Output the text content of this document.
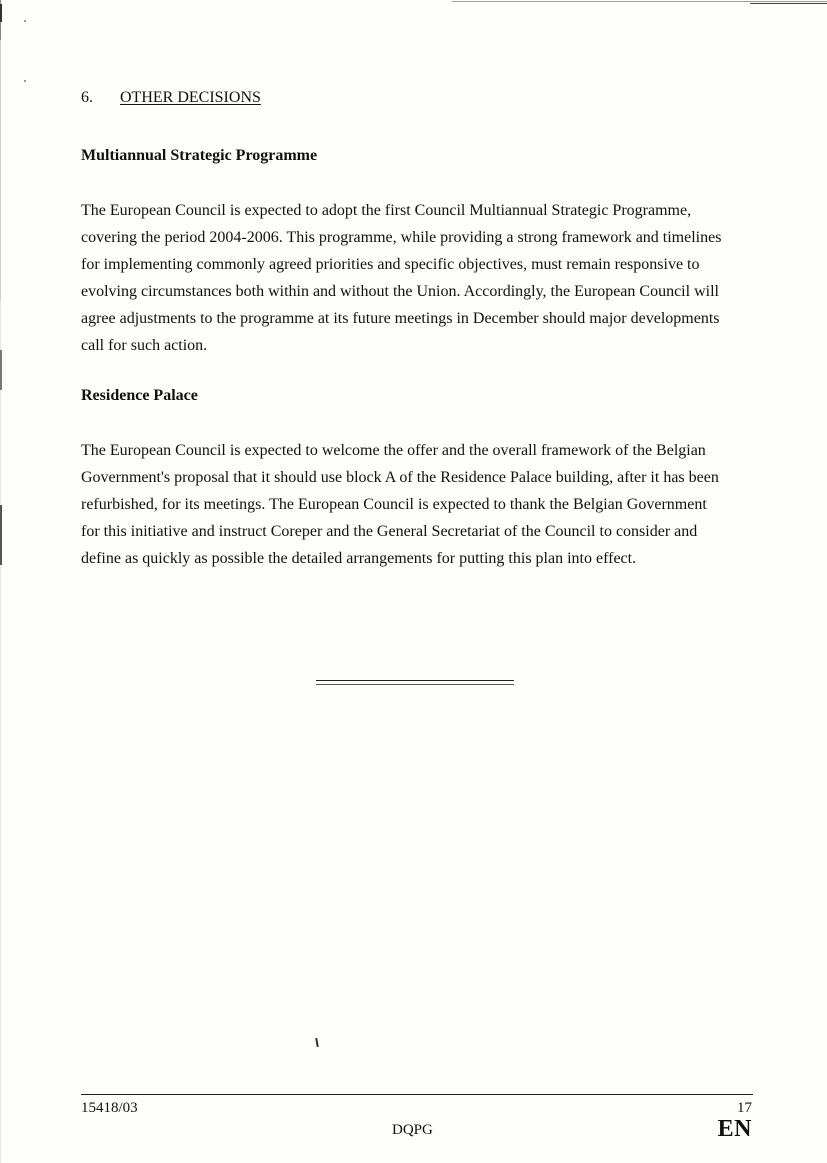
6. OTHER DECISIONS
Multiannual Strategic Programme
The European Council is expected to adopt the first Council Multiannual Strategic Programme,
covering the period 2004-2006. This programme, while providing a strong framework and timelines
for implementing commonly agreed priorities and specific objectives, must remain responsive to
evolving circumstances both within and without the Union. Accordingly, the European Council will
agree adjustments to the programme at its future meetings in December should major developments
call for such action.
Residence Palace
The European Council is expected to welcome the offer and the overall framework of the Belgian
Government's proposal that it should use block A of the Residence Palace building, after it has been
refurbished, for its meetings. The European Council is expected to thank the Belgian Government
for this initiative and instruct Coreper and the General Secretariat of the Council to consider and
define as quickly as possible the detailed arrangements for putting this plan into effect.
15418/03	17
DQPG	EN
